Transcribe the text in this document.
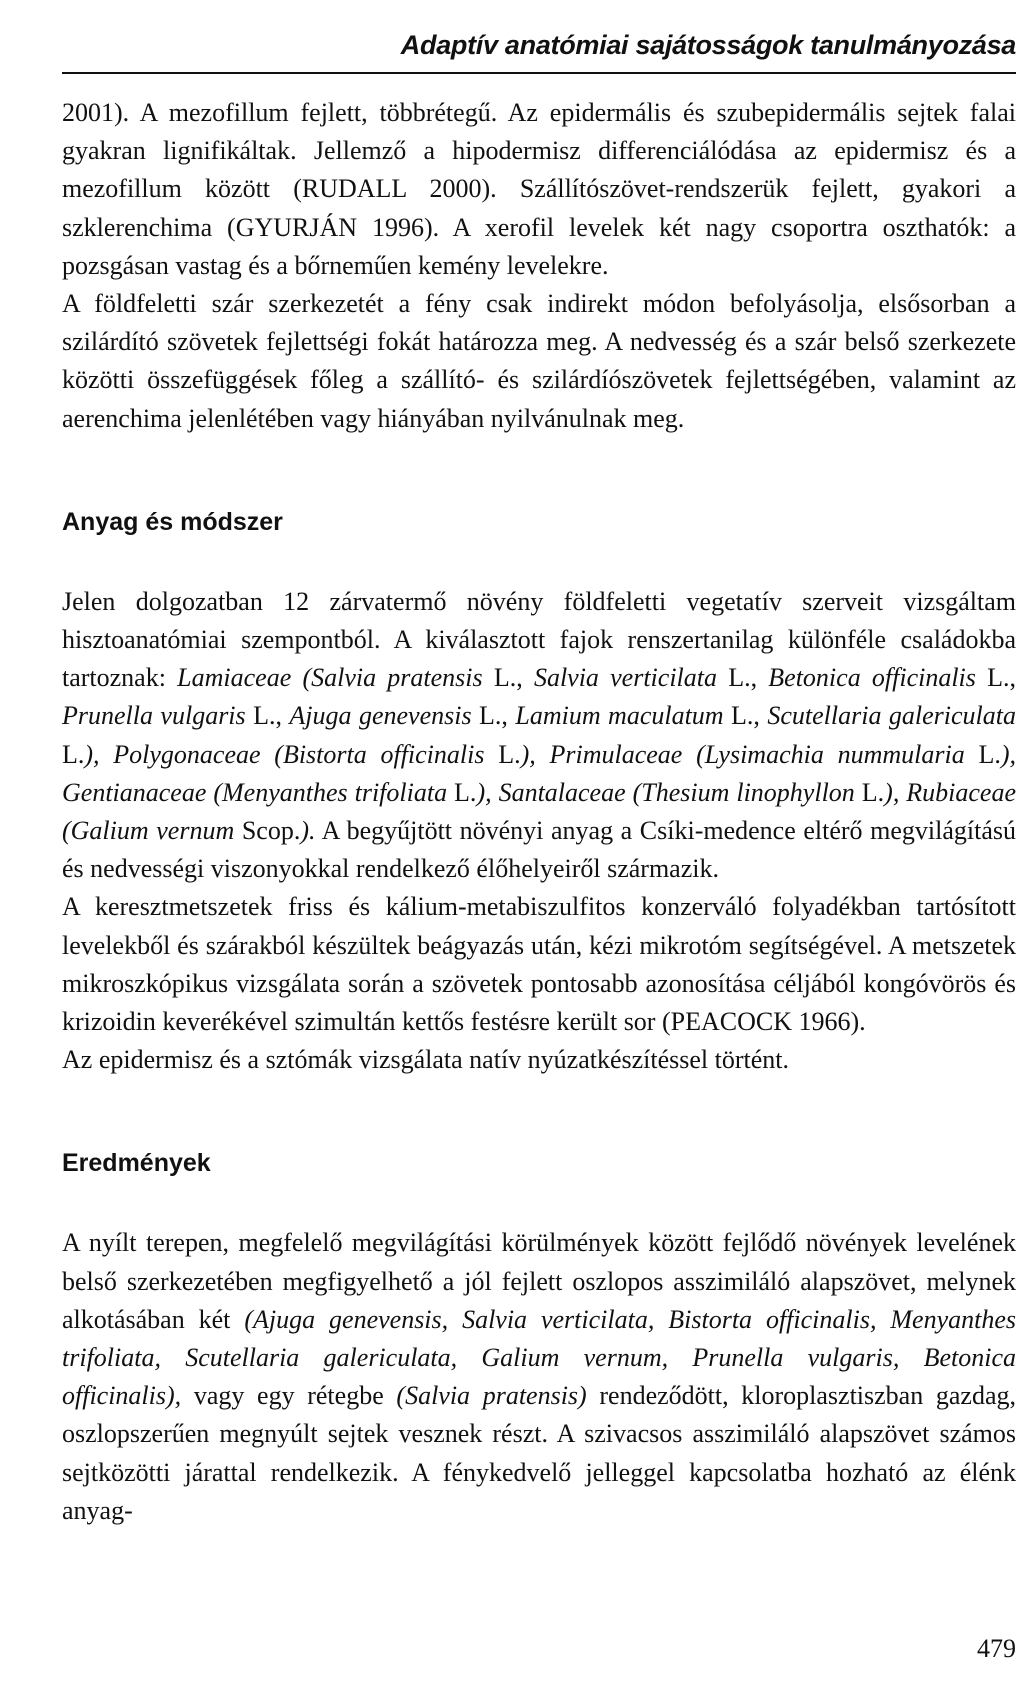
Adaptív anatómiai sajátosságok tanulmányozása

2001). A mezofillum fejlett, többrétegű. Az epidermális és szubepidermális sejtek falai gyakran lignifikáltak. Jellemző a hipodermisz differenciálódása az epidermisz és a mezofillum között (RUDALL 2000). Szállítószövet-rendszerük fejlett, gyakori a szklerenchima (GYURJÁN 1996). A xerofil levelek két nagy csoportra oszthatók: a pozsgásan vastag és a bőrneműen kemény levelekre.

A földfeletti szár szerkezetét a fény csak indirekt módon befolyásolja, elsősorban a szilárdító szövetek fejlettségi fokát határozza meg. A nedvesség és a szár belső szerkezete közötti összefüggések főleg a szállító- és szilárdíószövetek fejlettségében, valamint az aerenchima jelenlétében vagy hiányában nyilvánulnak meg.

Anyag és módszer

Jelen dolgozatban 12 zárvatermő növény földfeletti vegetatív szerveit vizsgáltam hisztoanatómiai szempontból. A kiválasztott fajok renszertanilag különféle családokba tartoznak: Lamiaceae (Salvia pratensis L., Salvia verticilata L., Betonica officinalis L., Prunella vulgaris L., Ajuga genevensis L., Lamium maculatum L., Scutellaria galericulata L.), Polygonaceae (Bistorta officinalis L.), Primulaceae (Lysimachia nummularia L.), Gentianaceae (Menyanthes trifoliata L.), Santalaceae (Thesium linophyllon L.), Rubiaceae (Galium vernum Scop.). A begyűjtött növényi anyag a Csíki-medence eltérő megvilágítású és nedvességi viszonyokkal rendelkező élőhelyeiről származik.

A keresztmetszetek friss és kálium-metabiszulfitos konzerváló folyadékban tartósított levelekből és szárakból készültek beágyazás után, kézi mikrotóm segítségével. A metszetek mikroszkópikus vizsgálata során a szövetek pontosabb azonosítása céljából kongóvörös és krizoidin keverékével szimultán kettős festésre került sor (PEACOCK 1966).

Az epidermisz és a sztómák vizsgálata natív nyúzatkészítéssel történt.

Eredmények

A nyílt terepen, megfelelő megvilágítási körülmények között fejlődő növények levelének belső szerkezetében megfigyelhető a jól fejlett oszlopos asszimiláló alapszövet, melynek alkotásában két (Ajuga genevensis, Salvia verticilata, Bistorta officinalis, Menyanthes trifoliata, Scutellaria galericulata, Galium vernum, Prunella vulgaris, Betonica officinalis), vagy egy rétegbe (Salvia pratensis) rendeződött, kloroplasztiszban gazdag, oszlopszerűen megnyúlt sejtek vesznek részt. A szivacsos asszimiláló alapszövet számos sejtközötti járattal rendelkezik. A fénykedvelő jelleggel kapcsolatba hozható az élénk anyag-

479
